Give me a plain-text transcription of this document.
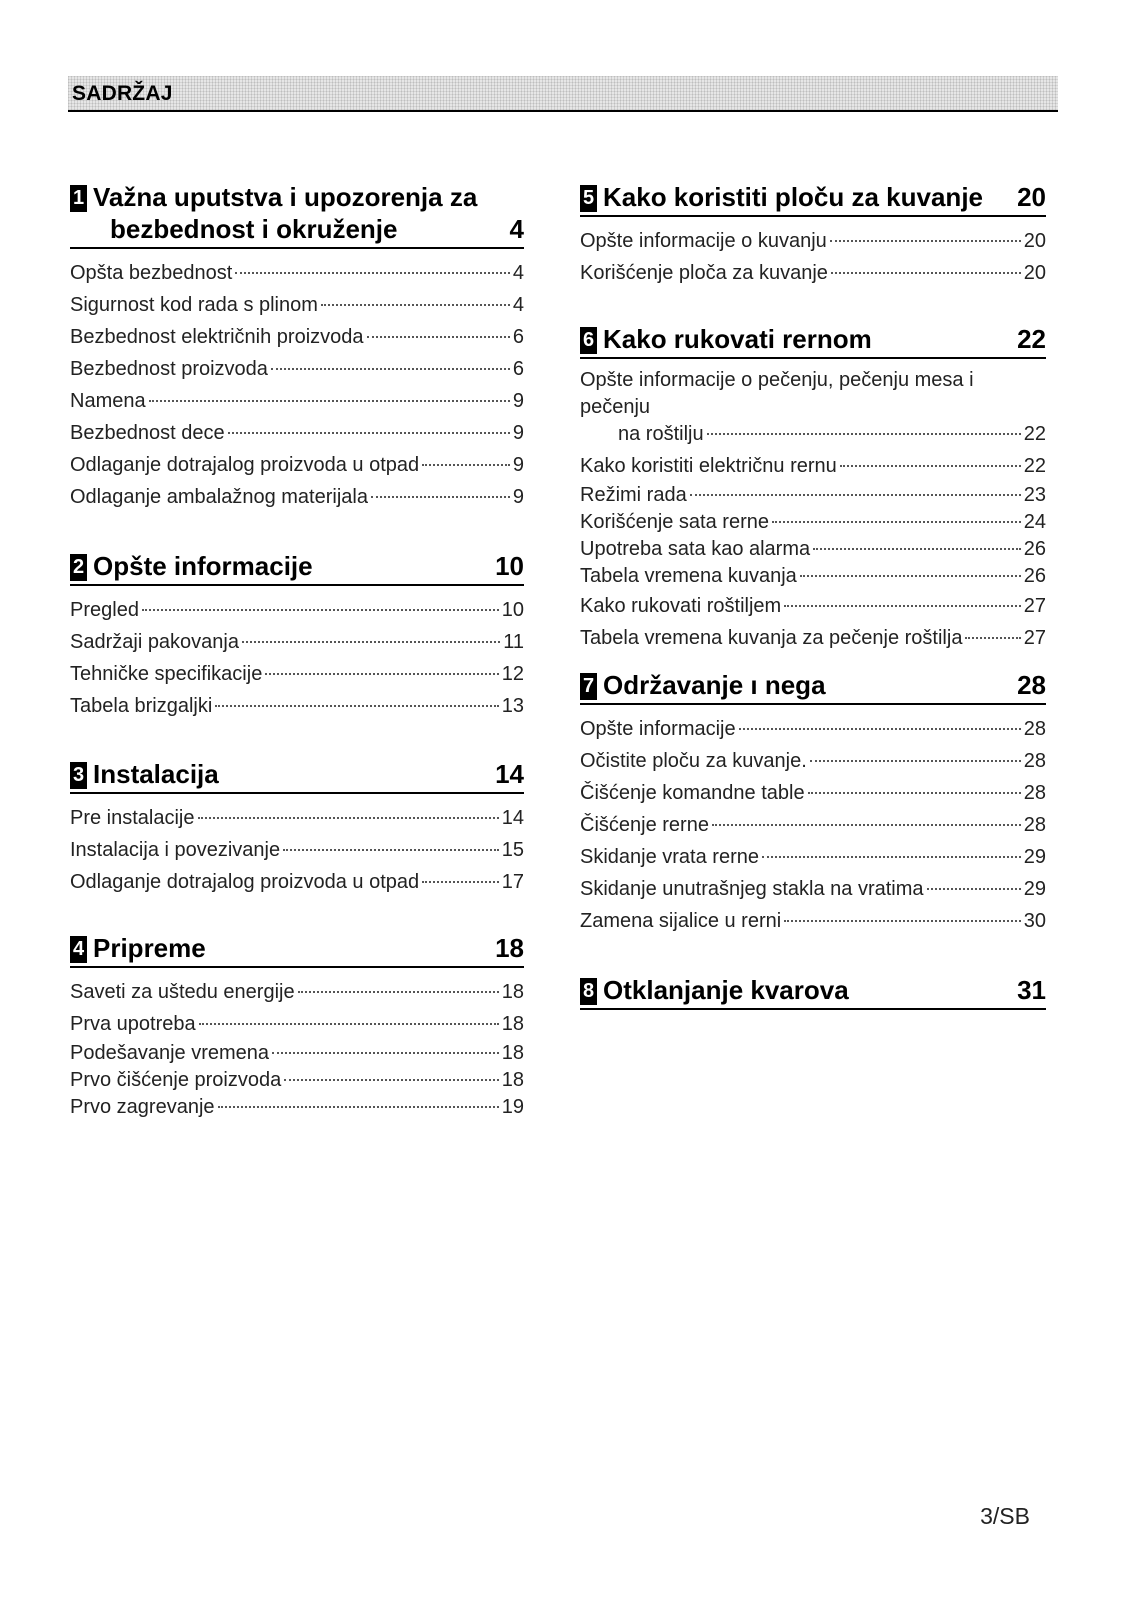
SADRŽAJ
1 Važna uputstva i upozorenja za
bezbednost i okruženje	4
Opšta bezbednost	4
Sigurnost kod rada s plinom	4
Bezbednost električnih proizvoda	6
Bezbednost proizvoda	6
Namena	9
Bezbednost dece	9
Odlaganje dotrajalog proizvoda u otpad	9
Odlaganje ambalažnog materijala	9
2 Opšte informacije	10
Pregled	10
Sadržaji pakovanja	11
Tehničke specifikacije	12
Tabela brizgaljki	13
3 Instalacija	14
Pre instalacije	14
Instalacija i povezivanje	15
Odlaganje dotrajalog proizvoda u otpad	17
4 Pripreme	18
Saveti za uštedu energije	18
Prva upotreba	18
Podešavanje vremena	18
Prvo čišćenje proizvoda	18
Prvo zagrevanje	19
5 Kako koristiti ploču za kuvanje 20
Opšte informacije o kuvanju	20
Korišćenje ploča za kuvanje	20
6 Kako rukovati rernom	22
Opšte informacije o pečenju, pečenju mesa i pečenju
na roštilju	22
Kako koristiti električnu rernu	22
Režimi rada	23
Korišćenje sata rerne	24
Upotreba sata kao alarma	26
Tabela vremena kuvanja	26
Kako rukovati roštiljem	27
Tabela vremena kuvanja za pečenje roštilja	27
7 Održavanje ı nega	28
Opšte informacije	28
Očistite ploču za kuvanje.	28
Čišćenje komandne table	28
Čišćenje rerne	28
Skidanje vrata rerne	29
Skidanje unutrašnjeg stakla na vratima	29
Zamena sijalice u rerni	30
8 Otklanjanje kvarova	31
3/SB
